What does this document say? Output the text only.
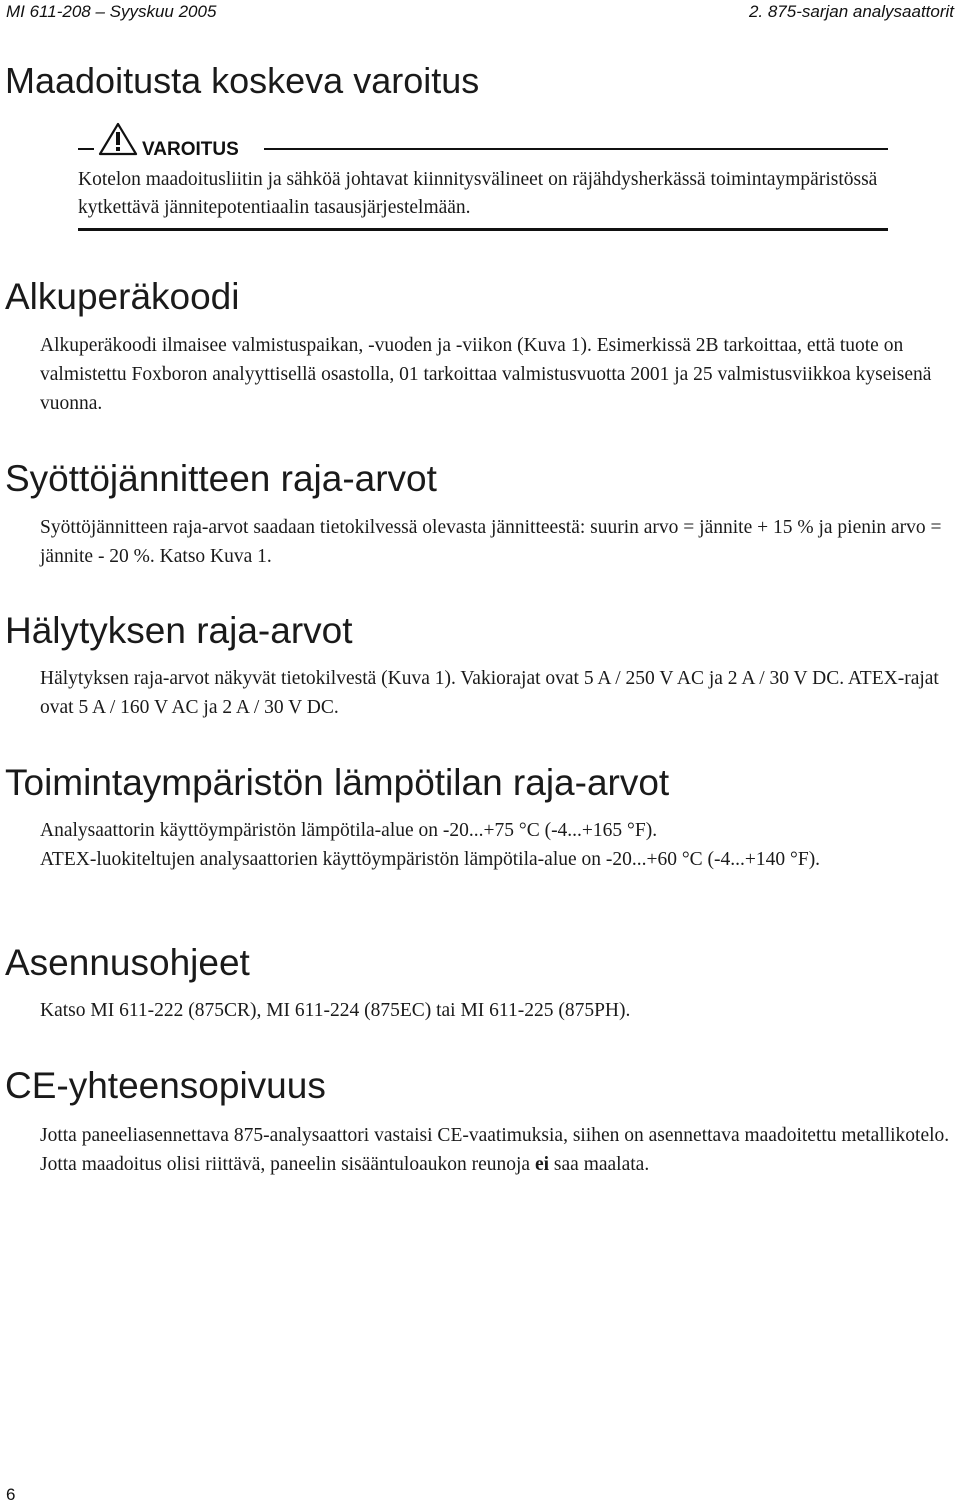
MI 611-208 – Syyskuu 2005	2. 875-sarjan analysaattorit
Maadoitusta koskeva varoitus
VAROITUS
Kotelon maadoitusliitin ja sähköä johtavat kiinnitysvälineet on räjähdysherkässä toimintaympäristössä kytkettävä jännitepotentiaalin tasausjärjestelmään.
Alkuperäkoodi

Alkuperäkoodi ilmaisee valmistuspaikan, -vuoden ja -viikon (Kuva 1). Esimerkissä 2B tarkoittaa, että tuote on valmistettu Foxboron analyyttisellä osastolla, 01 tarkoittaa valmistusvuotta 2001 ja 25 valmistusviikkoa kyseisenä vuonna.

Syöttöjännitteen raja-arvot

Syöttöjännitteen raja-arvot saadaan tietokilvessä olevasta jännitteestä: suurin arvo = jännite + 15 % ja pienin arvo = jännite - 20 %. Katso Kuva 1.

Hälytyksen raja-arvot

Hälytyksen raja-arvot näkyvät tietokilvestä (Kuva 1). Vakiorajat ovat 5 A / 250 V AC ja 2 A / 30 V DC. ATEX-rajat ovat 5 A / 160 V AC ja 2 A / 30 V DC.

Toimintaympäristön lämpötilan raja-arvot

Analysaattorin käyttöympäristön lämpötila-alue on -20...+75 °C (-4...+165 °F).
ATEX-luokiteltujen analysaattorien käyttöympäristön lämpötila-alue on -20...+60 °C (-4...+140 °F).

Asennusohjeet

Katso MI 611-222 (875CR), MI 611-224 (875EC) tai MI 611-225 (875PH).

CE-yhteensopivuus

Jotta paneeliasennettava 875-analysaattori vastaisi CE-vaatimuksia, siihen on asennettava maadoitettu metallikotelo. Jotta maadoitus olisi riittävä, paneelin sisääntuloaukon reunoja ei saa maalata.

6
